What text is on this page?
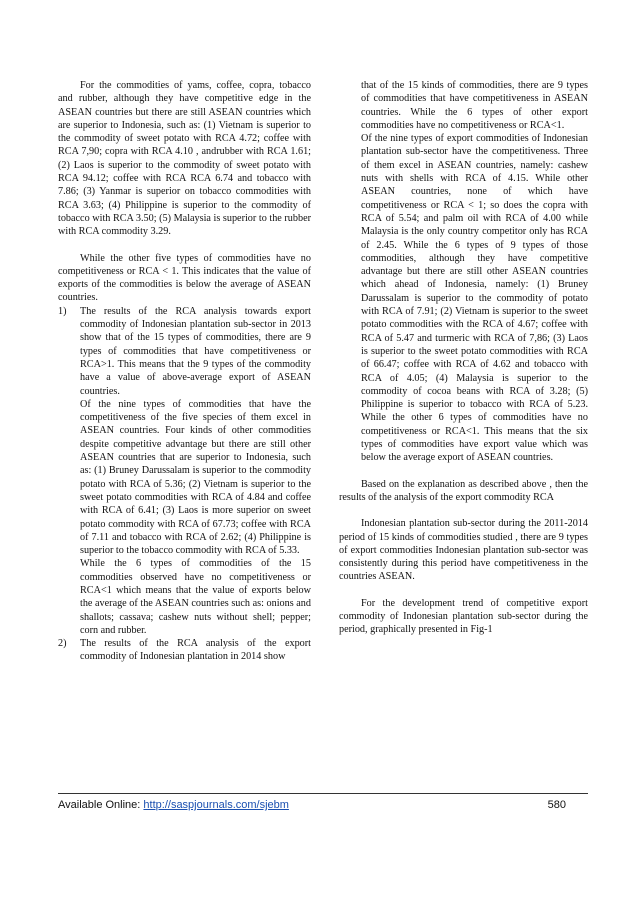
For the commodities of yams, coffee, copra, tobacco and rubber, although they have competitive edge in the ASEAN countries but there are still ASEAN countries which are superior to Indonesia, such as: (1) Vietnam is superior to the commodity of sweet potato with RCA 4.72; coffee with RCA 7,90; copra with RCA 4.10 , andrubber with RCA 1.61; (2) Laos is superior to the commodity of sweet potato with RCA 94.12; coffee with RCA RCA 6.74 and tobacco with 7.86; (3) Yanmar is superior on tobacco commodities with RCA 3.63; (4) Philippine is superior to the commodity of tobacco with RCA 3.50; (5) Malaysia is superior to the rubber with RCA commodity 3.29.

While the other five types of commodities have no competitiveness or RCA < 1. This indicates that the value of exports of the commodities is below the average of ASEAN countries.

1) The results of the RCA analysis towards export commodity of Indonesian plantation sub-sector in 2013 show that of the 15 types of commodities, there are 9 types of commodities that have competitiveness or RCA>1. This means that the 9 types of the commodity have a value of above-average export of ASEAN countries.

Of the nine types of commodities that have the competitiveness of the five species of them excel in ASEAN countries. Four kinds of other commodities despite competitive advantage but there are still other ASEAN countries that are superior to Indonesia, such as: (1) Bruney Darussalam is superior to the commodity potato with RCA of 5.36; (2) Vietnam is superior to the sweet potato commodities with RCA of 4.84 and coffee with RCA of 6.41; (3) Laos is more superior on sweet potato commodity with RCA of 67.73; coffee with RCA of 7.11 and tobacco with RCA of 2.62; (4) Philippine is superior to the tobacco commodity with RCA of 5.33.

While the 6 types of commodities of the 15 commodities observed have no competitiveness or RCA<1 which means that the value of exports below the average of the ASEAN countries such as: onions and shallots; cassava; cashew nuts without shell; pepper; corn and rubber.

2) The results of the RCA analysis of the export commodity of Indonesian plantation in 2014 show

that of the 15 kinds of commodities, there are 9 types of commodities that have competitiveness in ASEAN countries. While the 6 types of other export commodities have no competitiveness or RCA<1.

Of the nine types of export commodities of Indonesian plantation sub-sector have the competitiveness. Three of them excel in ASEAN countries, namely: cashew nuts with shells with RCA of 4.15. While other ASEAN countries, none of which have competitiveness or RCA < 1; so does the copra with RCA of 5.54; and palm oil with RCA of 4.00 while Malaysia is the only country competitor only has RCA of 2.45. While the 6 types of 9 types of those commodities, although they have competitive advantage but there are still other ASEAN countries which ahead of Indonesia, namely: (1) Bruney Darussalam is superior to the commodity of potato with RCA of 7.91; (2) Vietnam is superior to the sweet potato commodities with the RCA of 4.67; coffee with RCA of 5.47 and turmeric with RCA of 7,86; (3) Laos is superior to the sweet potato commodities with RCA of 66.47; coffee with RCA of 4.62 and tobacco with RCA of 4.05; (4) Malaysia is superior to the commodity of cocoa beans with RCA of 3.28; (5) Philippine is superior to tobacco with RCA of 5.23. While the other 6 types of commodities have no competitiveness or RCA<1. This means that the six types of commodities have export value which was below the average export of ASEAN countries.

Based on the explanation as described above , then the results of the analysis of the export commodity RCA

Indonesian plantation sub-sector during the 2011-2014 period of 15 kinds of commodities studied , there are 9 types of export commodities Indonesian plantation sub-sector was consistently during this period have competitiveness in the countries ASEAN.

For the development trend of competitive export commodity of Indonesian plantation sub-sector during the period, graphically presented in Fig-1

Available Online: http://saspjournals.com/sjebm	580
